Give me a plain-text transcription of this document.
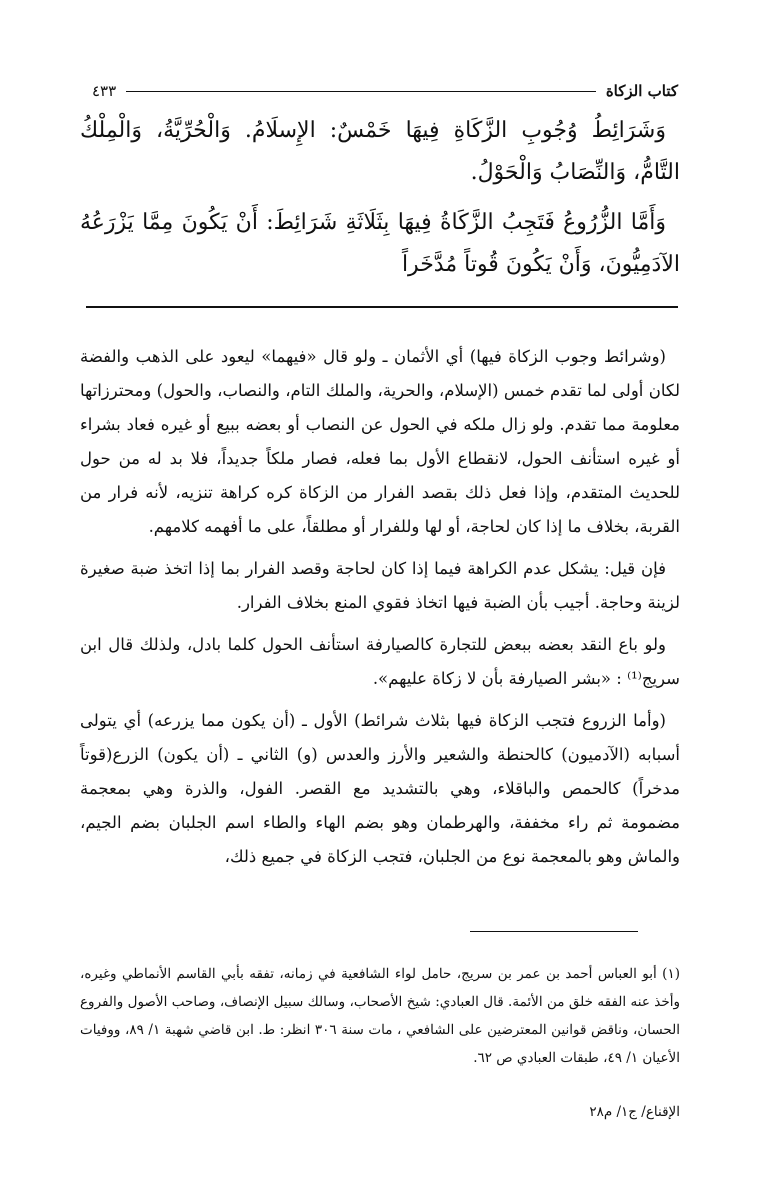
كتاب الزكاة
٤٣٣

وَشَرَائِطُ وُجُوبِ الزَّكَاةِ فِيهَا خَمْسٌ: الإِسلَامُ. وَالْحُرِّيَّةُ، وَالْمِلْكُ التَّامُّ، وَالنِّصَابُ وَالْحَوْلُ.

وَأَمَّا الزُّرُوعُ فَتَجِبُ الزَّكَاةُ فِيهَا بِثَلَاثَةِ شَرَائِطَ: أَنْ يَكُونَ مِمَّا يَزْرَعُهُ الآدَمِيُّونَ، وَأَنْ يَكُونَ قُوتاً مُدَّخَراً

(وشرائط وجوب الزكاة فيها) أي الأثمان ـ ولو قال «فيهما» ليعود على الذهب والفضة لكان أولى لما تقدم خمس (الإسلام، والحرية، والملك التام، والنصاب، والحول) ومحترزاتها معلومة مما تقدم. ولو زال ملكه في الحول عن النصاب أو بعضه ببيع أو غيره فعاد بشراء أو غيره استأنف الحول، لانقطاع الأول بما فعله، فصار ملكاً جديداً، فلا بد له من حول للحديث المتقدم، وإذا فعل ذلك بقصد الفرار من الزكاة كره كراهة تنزيه، لأنه فرار من القربة، بخلاف ما إذا كان لحاجة، أو لها وللفرار أو مطلقاً، على ما أفهمه كلامهم.

فإن قيل: يشكل عدم الكراهة فيما إذا كان لحاجة وقصد الفرار بما إذا اتخذ ضبة صغيرة لزينة وحاجة. أجيب بأن الضبة فيها اتخاذ فقوي المنع بخلاف الفرار.

ولو باع النقد بعضه ببعض للتجارة كالصيارفة استأنف الحول كلما بادل، ولذلك قال ابن سريج⁽¹⁾ : «بشر الصيارفة بأن لا زكاة عليهم».

(وأما الزروع فتجب الزكاة فيها بثلاث شرائط) الأول ـ (أن يكون مما يزرعه) أي يتولى أسبابه (الآدميون) كالحنطة والشعير والأرز والعدس (و) الثاني ـ (أن يكون) الزرع(قوتاً مدخراً) كالحمص والباقلاء، وهي بالتشديد مع القصر. الفول، والذرة وهي بمعجمة مضمومة ثم راء مخففة، والهرطمان وهو بضم الهاء والطاء اسم الجلبان بضم الجيم، والماش وهو بالمعجمة نوع من الجلبان، فتجب الزكاة في جميع ذلك،

(١) أبو العباس أحمد بن عمر بن سريج، حامل لواء الشافعية في زمانه، تفقه بأبي القاسم الأنماطي وغيره، وأخذ عنه الفقه خلق من الأئمة. قال العبادي: شيخ الأصحاب، وسالك سبيل الإنصاف، وصاحب الأصول والفروع الحسان، وناقض قوانين المعترضين على الشافعي ، مات سنة ٣٠٦ انظر: ط. ابن قاضي شهبة ١/ ٨٩، ووفيات الأعيان ١/ ٤٩، طبقات العبادي ص ٦٢.

الإقناع/ ج١/ م٢٨
